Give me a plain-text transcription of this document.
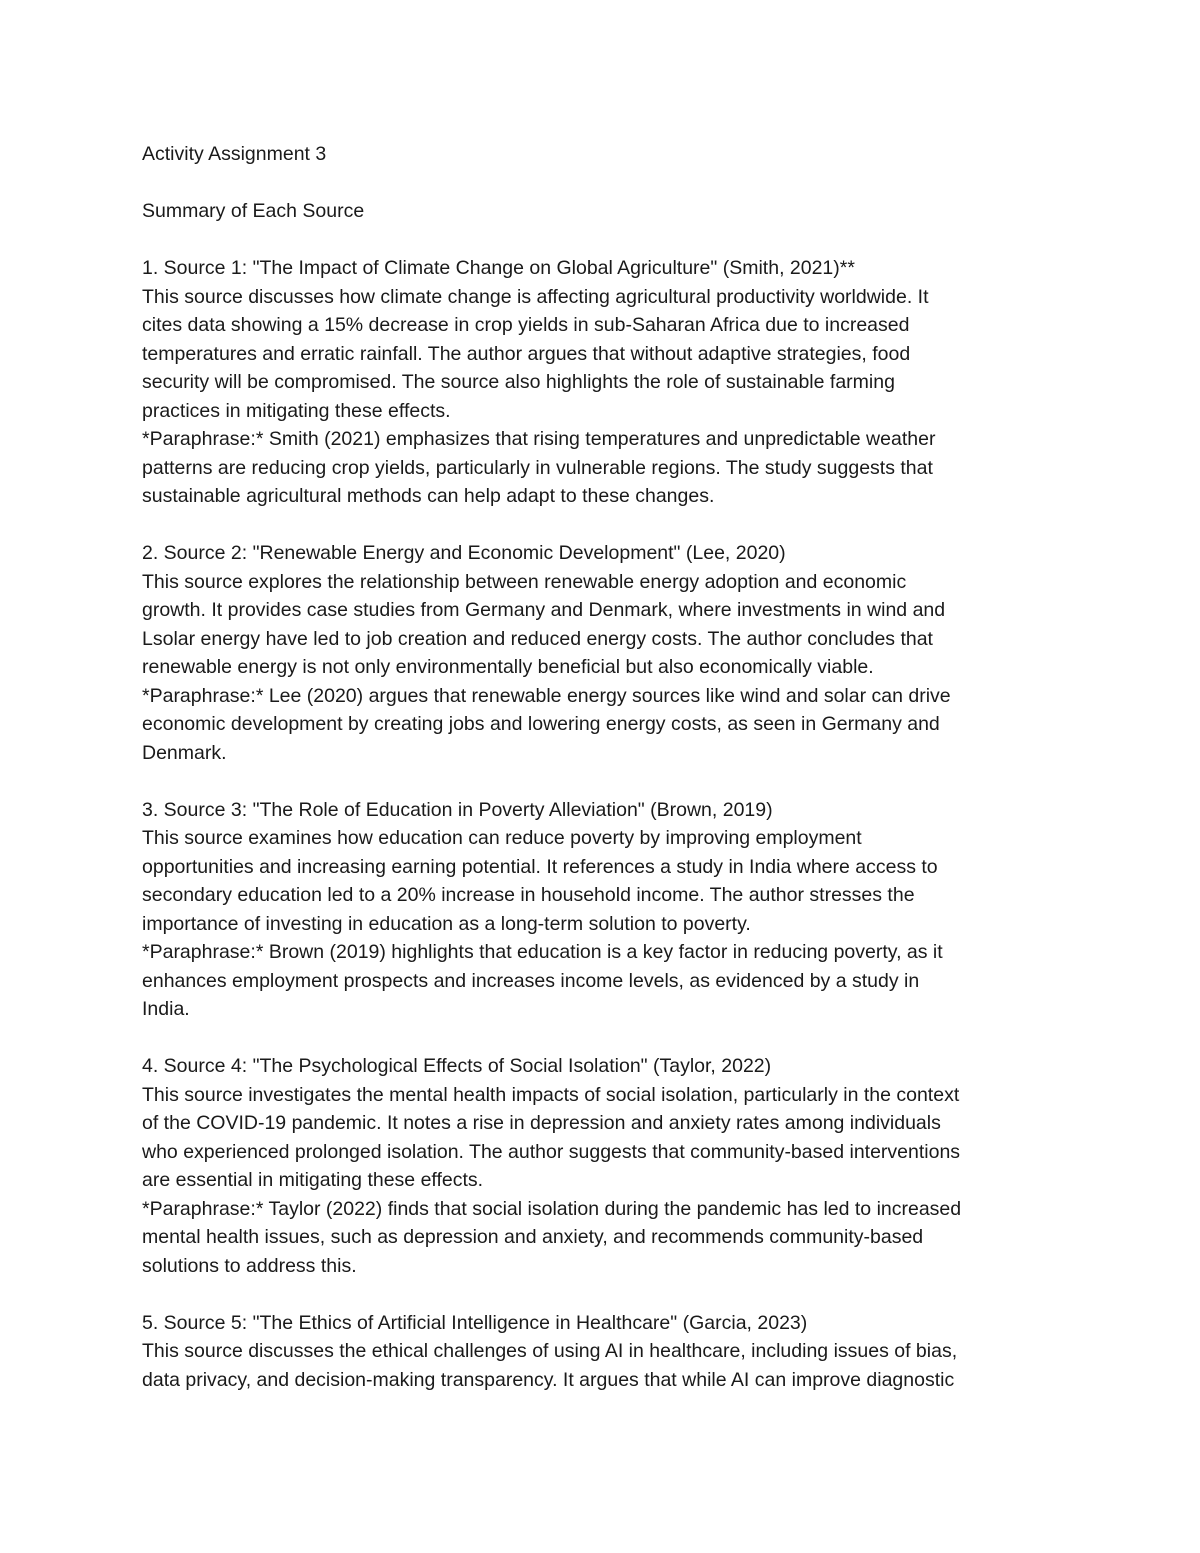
Activity Assignment 3
Summary of Each Source
1. Source 1: "The Impact of Climate Change on Global Agriculture" (Smith, 2021)**
This source discusses how climate change is affecting agricultural productivity worldwide. It
cites data showing a 15% decrease in crop yields in sub-Saharan Africa due to increased
temperatures and erratic rainfall. The author argues that without adaptive strategies, food
security will be compromised. The source also highlights the role of sustainable farming
practices in mitigating these effects.
*Paraphrase:* Smith (2021) emphasizes that rising temperatures and unpredictable weather
patterns are reducing crop yields, particularly in vulnerable regions. The study suggests that
sustainable agricultural methods can help adapt to these changes.
2. Source 2: "Renewable Energy and Economic Development" (Lee, 2020)
This source explores the relationship between renewable energy adoption and economic
growth. It provides case studies from Germany and Denmark, where investments in wind and
Lsolar energy have led to job creation and reduced energy costs. The author concludes that
renewable energy is not only environmentally beneficial but also economically viable.
*Paraphrase:* Lee (2020) argues that renewable energy sources like wind and solar can drive
economic development by creating jobs and lowering energy costs, as seen in Germany and
Denmark.
3. Source 3: "The Role of Education in Poverty Alleviation" (Brown, 2019)
This source examines how education can reduce poverty by improving employment
opportunities and increasing earning potential. It references a study in India where access to
secondary education led to a 20% increase in household income. The author stresses the
importance of investing in education as a long-term solution to poverty.
*Paraphrase:* Brown (2019) highlights that education is a key factor in reducing poverty, as it
enhances employment prospects and increases income levels, as evidenced by a study in
India.
4. Source 4: "The Psychological Effects of Social Isolation" (Taylor, 2022)
This source investigates the mental health impacts of social isolation, particularly in the context
of the COVID-19 pandemic. It notes a rise in depression and anxiety rates among individuals
who experienced prolonged isolation. The author suggests that community-based interventions
are essential in mitigating these effects.
*Paraphrase:* Taylor (2022) finds that social isolation during the pandemic has led to increased
mental health issues, such as depression and anxiety, and recommends community-based
solutions to address this.
5. Source 5: "The Ethics of Artificial Intelligence in Healthcare" (Garcia, 2023)
This source discusses the ethical challenges of using AI in healthcare, including issues of bias,
data privacy, and decision-making transparency. It argues that while AI can improve diagnostic
